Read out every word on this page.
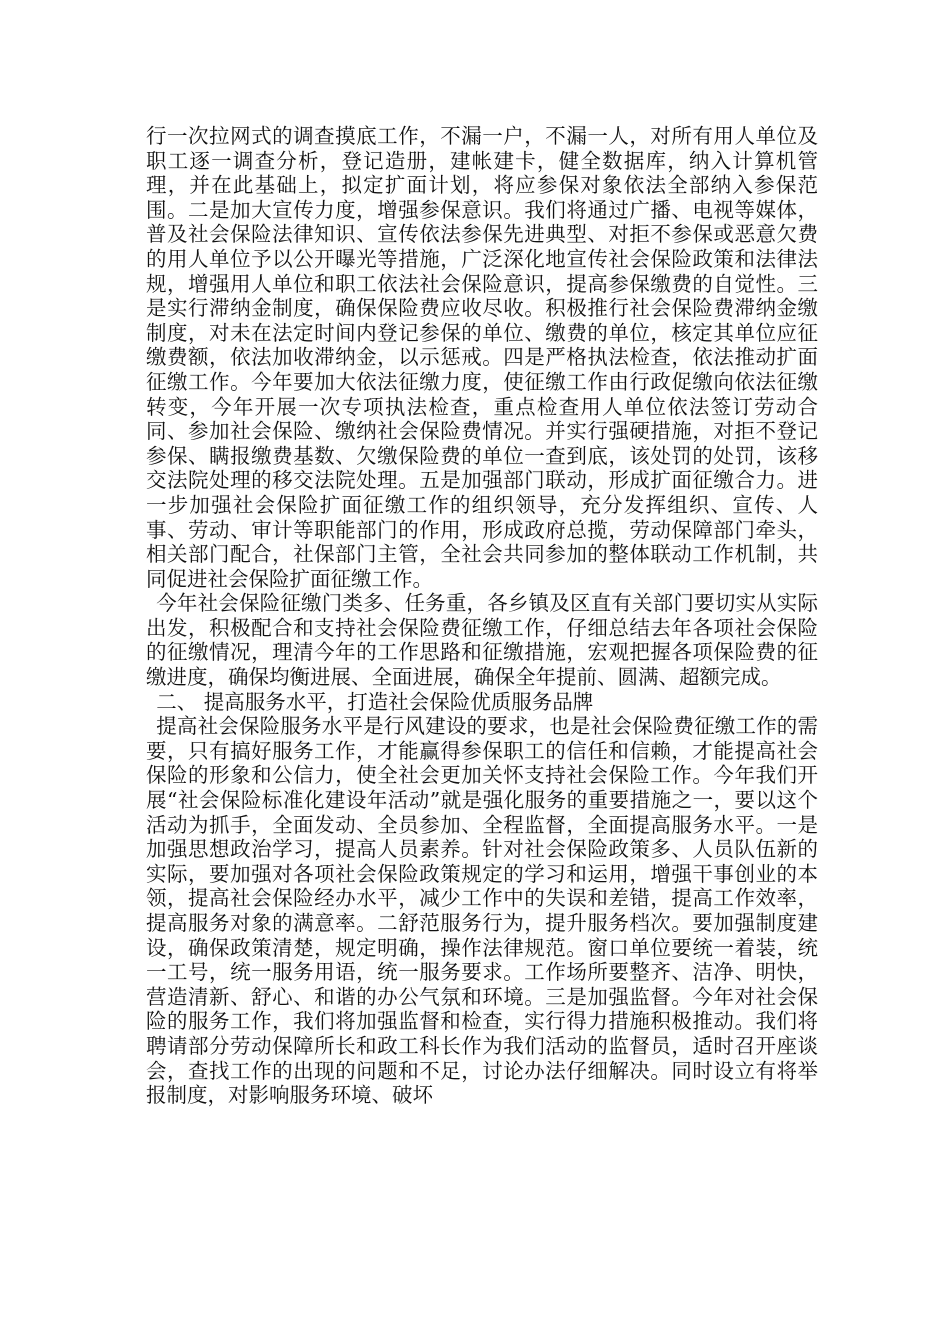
行一次拉网式的调查摸底工作，不漏一户，不漏一人，对所有用人单位及职工逐一调查分析，登记造册，建帐建卡，健全数据库，纳入计算机管理，并在此基础上，拟定扩面计划，将应参保对象依法全部纳入参保范围。二是加大宣传力度，增强参保意识。我们将通过广播、电视等媒体，普及社会保险法律知识、宣传依法参保先进典型、对拒不参保或恶意欠费的用人单位予以公开曝光等措施，广泛深化地宣传社会保险政策和法律法规，增强用人单位和职工依法社会保险意识，提高参保缴费的自觉性。三是实行滞纳金制度，确保保险费应收尽收。积极推行社会保险费滞纳金缴制度，对未在法定时间内登记参保的单位、缴费的单位，核定其单位应征缴费额，依法加收滞纳金，以示惩戒。四是严格执法检查，依法推动扩面征缴工作。今年要加大依法征缴力度，使征缴工作由行政促缴向依法征缴转变，今年开展一次专项执法检查，重点检查用人单位依法签订劳动合同、参加社会保险、缴纳社会保险费情况。并实行强硬措施，对拒不登记参保、瞒报缴费基数、欠缴保险费的单位一查到底，该处罚的处罚，该移交法院处理的移交法院处理。五是加强部门联动，形成扩面征缴合力。进一步加强社会保险扩面征缴工作的组织领导，充分发挥组织、宣传、人事、劳动、审计等职能部门的作用，形成政府总揽，劳动保障部门牵头，相关部门配合，社保部门主管，全社会共同参加的整体联动工作机制，共同促进社会保险扩面征缴工作。

今年社会保险征缴门类多、任务重，各乡镇及区直有关部门要切实从实际出发，积极配合和支持社会保险费征缴工作，仔细总结去年各项社会保险的征缴情况，理清今年的工作思路和征缴措施，宏观把握各项保险费的征缴进度，确保均衡进展、全面进展，确保全年提前、圆满、超额完成。

二、 提高服务水平，打造社会保险优质服务品牌

提高社会保险服务水平是行风建设的要求，也是社会保险费征缴工作的需要，只有搞好服务工作，才能赢得参保职工的信任和信赖，才能提高社会保险的形象和公信力，使全社会更加关怀支持社会保险工作。今年我们开展“社会保险标准化建设年活动”就是强化服务的重要措施之一，要以这个活动为抓手，全面发动、全员参加、全程监督，全面提高服务水平。一是加强思想政治学习，提高人员素养。针对社会保险政策多、人员队伍新的实际，要加强对各项社会保险政策规定的学习和运用，增强干事创业的本领，提高社会保险经办水平，减少工作中的失误和差错，提高工作效率，提高服务对象的满意率。二舒范服务行为，提升服务档次。要加强制度建设，确保政策清楚，规定明确，操作法律规范。窗口单位要统一着装，统一工号，统一服务用语，统一服务要求。工作场所要整齐、洁净、明快，营造清新、舒心、和谐的办公气氛和环境。三是加强监督。今年对社会保险的服务工作，我们将加强监督和检查，实行得力措施积极推动。我们将聘请部分劳动保障所长和政工科长作为我们活动的监督员，适时召开座谈会，查找工作的出现的问题和不足，讨论办法仔细解决。同时设立有将举报制度，对影响服务环境、破坏
